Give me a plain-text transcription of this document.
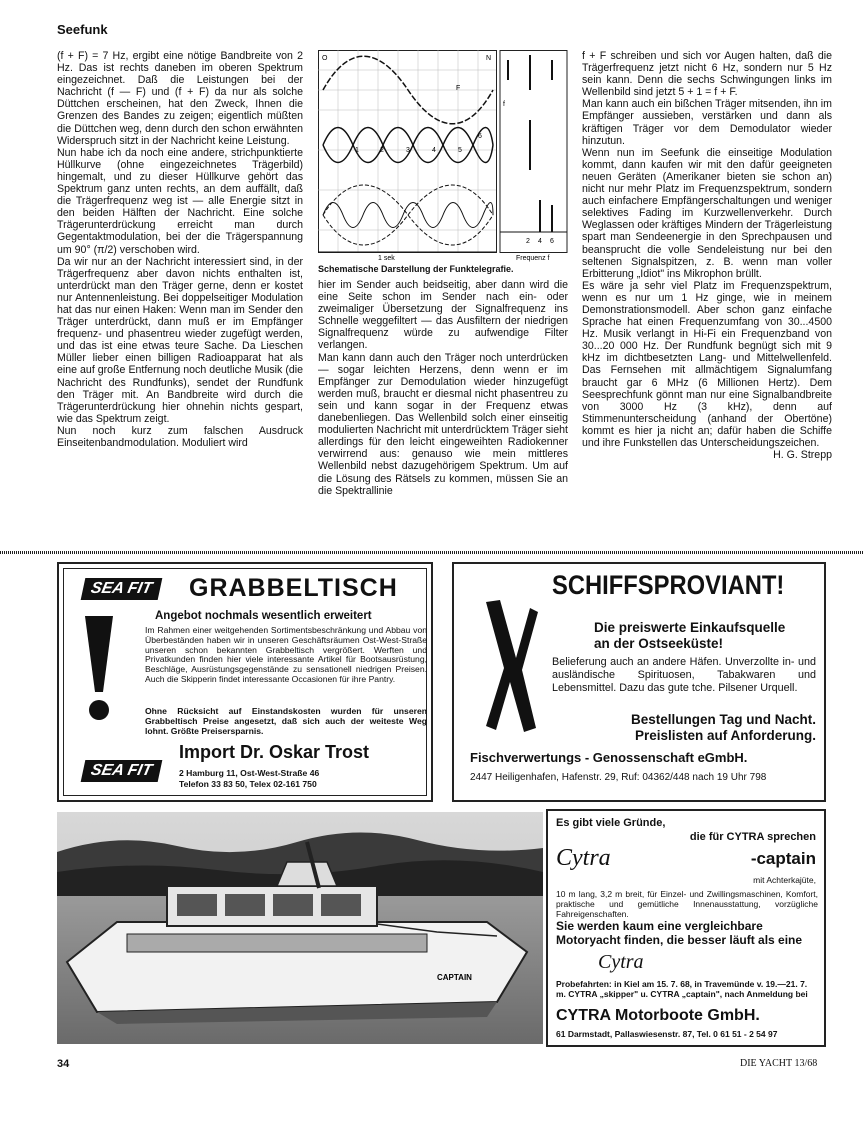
Seefunk

(f + F) = 7 Hz, ergibt eine nötige Bandbreite von 2 Hz. Das ist rechts daneben im oberen Spektrum eingezeichnet. Daß die Leistungen bei der Nachricht (f — F) und (f + F) da nur als solche Düttchen erscheinen, hat den Zweck, Ihnen die Grenzen des Bandes zu zeigen; eigentlich müßten die Düttchen weg, denn durch den schon erwähnten Widerspruch sitzt in der Nachricht keine Leistung.

Nun habe ich da noch eine andere, strichpunktierte Hüllkurve (ohne eingezeichnetes Trägerbild) hingemalt, und zu dieser Hüllkurve gehört das Spektrum ganz unten rechts, an dem auffällt, daß die Trägerfrequenz weg ist — alle Energie sitzt in den beiden Hälften der Nachricht. Eine solche Trägerunterdrückung erreicht man durch Gegentaktmodulation, bei der die Trägerspannung um 90° (π/2) verschoben wird.

Da wir nur an der Nachricht interessiert sind, in der Trägerfrequenz aber davon nichts enthalten ist, unterdrückt man den Träger gerne, denn er kostet nur Antennenleistung. Bei doppelseitiger Modulation hat das nur einen Haken: Wenn man im Sender den Träger unterdrückt, dann muß er im Empfänger frequenz- und phasentreu wieder zugefügt werden, und das ist eine etwas teure Sache. Da Lieschen Müller lieber einen billigen Radioapparat hat als eine auf große Entfernung noch deutliche Musik (die Nachricht des Rundfunks), sendet der Rundfunk den Träger mit. An Bandbreite wird durch die Trägerunterdrückung hier ohnehin nichts gespart, wie das Spektrum zeigt.

Nun noch kurz zum falschen Ausdruck Einseitenbandmodulation. Moduliert wird

O	N
F
6
1	2	3	4	5
1 sek	Frequenz f
2 4 6
f
Schematische Darstellung der Funktelegrafie.

hier im Sender auch beidseitig, aber dann wird die eine Seite schon im Sender nach ein- oder zweimaliger Übersetzung der Signalfrequenz ins Schnelle weggefiltert — das Ausfiltern der niedrigen Signalfrequenz würde zu aufwendige Filter verlangen.

Man kann dann auch den Träger noch unterdrücken — sogar leichten Herzens, denn wenn er im Empfänger zur Demodulation wieder hinzugefügt werden muß, braucht er diesmal nicht phasentreu zu sein und kann sogar in der Frequenz etwas danebenliegen. Das Wellenbild solch einer einseitig modulierten Nachricht mit unterdrücktem Träger sieht allerdings für den leicht eingeweihten Radiokenner verwirrend aus: genauso wie mein mittleres Wellenbild nebst dazugehörigem Spektrum. Um auf die Lösung des Rätsels zu kommen, müssen Sie an die Spektrallinie

f + F schreiben und sich vor Augen halten, daß die Trägerfrequenz jetzt nicht 6 Hz, sondern nur 5 Hz sein kann. Denn die sechs Schwingungen links im Wellenbild sind jetzt 5 + 1 = f + F.

Man kann auch ein bißchen Träger mitsenden, ihn im Empfänger aussieben, verstärken und dann als kräftigen Träger vor dem Demodulator wieder hinzutun.

Wenn nun im Seefunk die einseitige Modulation kommt, dann kaufen wir mit den dafür geeigneten neuen Geräten (Amerikaner bieten sie schon an) nicht nur mehr Platz im Frequenzspektrum, sondern auch einfachere Empfängerschaltungen und weniger selektives Fading im Kurzwellenverkehr. Durch Weglassen oder kräftiges Mindern der Trägerleistung spart man Sendeenergie in den Sprechpausen und beansprucht die volle Sendeleistung nur bei den seltenen Signalspitzen, z. B. wenn man voller Erbitterung „Idiot" ins Mikrophon brüllt.

Es wäre ja sehr viel Platz im Frequenzspektrum, wenn es nur um 1 Hz ginge, wie in meinem Demonstrationsmodell. Aber schon ganz einfache Sprache hat einen Frequenzumfang von 30...4500 Hz. Musik verlangt in Hi-Fi ein Frequenzband von 30...20 000 Hz. Der Rundfunk begnügt sich mit 9 kHz im dichtbesetzten Lang- und Mittelwellenfeld. Das Fernsehen mit allmächtigem Signalumfang braucht gar 6 MHz (6 Millionen Hertz). Dem Seesprechfunk gönnt man nur eine Signalbandbreite von 3000 Hz (3 kHz), denn auf Stimmenunterscheidung (anhand der Obertöne) kommt es hier ja nicht an; dafür haben die Schiffe und ihre Funkstellen das Unterscheidungszeichen.

H. G. Strepp

SEA FIT	GRABBELTISCH
Angebot nochmals wesentlich erweitert
Im Rahmen einer weitgehenden Sortimentsbeschränkung und Abbau von Überbeständen haben wir in unseren Geschäftsräumen Ost-West-Straße unseren schon bekannten Grabbeltisch vergrößert. Werften und Privatkunden finden hier viele interessante Artikel für Bootsausrüstung, Beschläge, Ausrüstungsgegenstände zu sensationell niedrigen Preisen. Auch die Skipperin findet interessante Occasionen für ihre Pantry.
Ohne Rücksicht auf Einstandskosten wurden für unseren Grabbeltisch Preise angesetzt, daß sich auch der weiteste Weg lohnt. Größte Preisersparnis.
SEA FIT
Import Dr. Oskar Trost
2 Hamburg 11, Ost-West-Straße 46
Telefon 33 83 50, Telex 02-161 750
SCHIFFSPROVIANT!
Die preiswerte Einkaufsquelle
an der Ostseeküste!
Belieferung auch an andere Häfen. Unverzollte in- und ausländische Spirituosen, Tabakwaren und Lebensmittel. Dazu das gute tche. Pilsener Urquell.
Bestellungen Tag und Nacht.
Preislisten auf Anforderung.
Fischverwertungs - Genossenschaft eGmbH.
2447 Heiligenhafen, Hafenstr. 29, Ruf: 04362/448 nach 19 Uhr 798
CAPTAIN
Es gibt viele Gründe,
die für CYTRA sprechen
Cytra	-captain
mit Achterkajüte,
10 m lang, 3,2 m breit, für Einzel- und Zwillingsmaschinen, Komfort, praktische und gemütliche Innenausstattung, vorzügliche Fahreigenschaften.
Sie werden kaum eine vergleichbare Motoryacht finden, die besser läuft als eine
Cytra
Probefahrten: in Kiel am 15. 7. 68, in Travemünde v. 19.—21. 7. m. CYTRA „skipper" u. CYTRA „captain", nach Anmeldung bei
CYTRA Motorboote GmbH.
61 Darmstadt, Pallaswiesenstr. 87, Tel. 0 61 51 - 2 54 97
34	DIE YACHT 13/68
